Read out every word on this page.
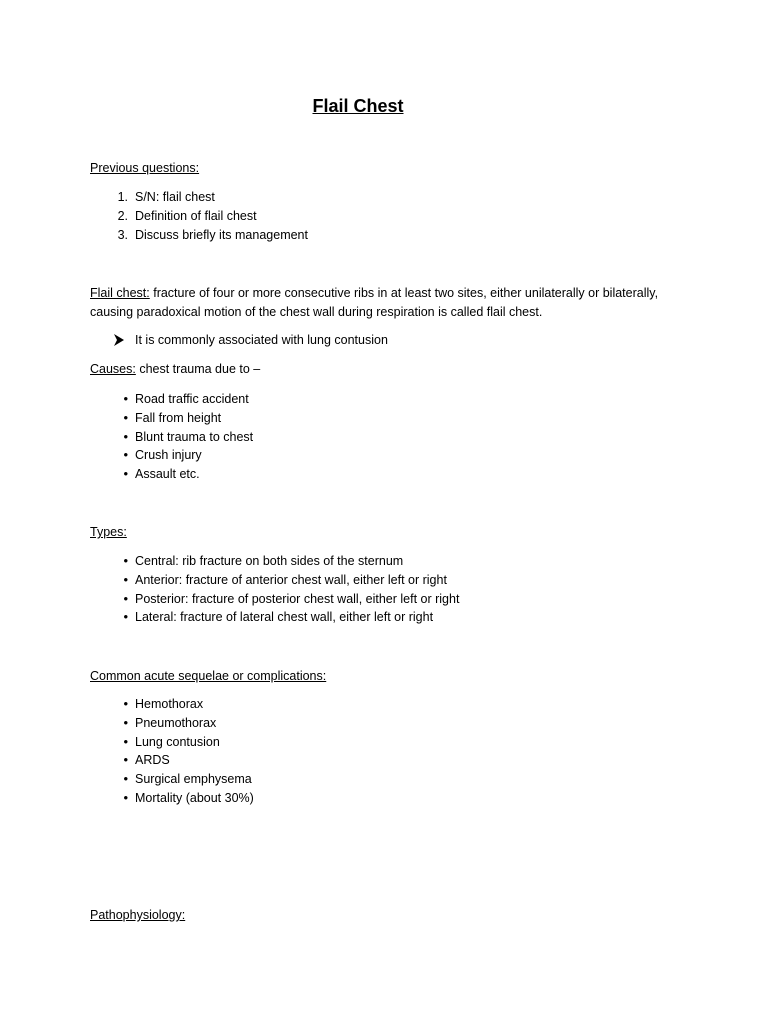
Flail Chest
Previous questions:
1. S/N: flail chest
2. Definition of flail chest
3. Discuss briefly its management
Flail chest: fracture of four or more consecutive ribs in at least two sites, either unilaterally or bilaterally,
causing paradoxical motion of the chest wall during respiration is called flail chest.
It is commonly associated with lung contusion
Causes: chest trauma due to –
• Road traffic accident
• Fall from height
• Blunt trauma to chest
• Crush injury
• Assault etc.
Types:
• Central: rib fracture on both sides of the sternum
• Anterior: fracture of anterior chest wall, either left or right
• Posterior: fracture of posterior chest wall, either left or right
• Lateral: fracture of lateral chest wall, either left or right
Common acute sequelae or complications:
• Hemothorax
• Pneumothorax
• Lung contusion
• ARDS
• Surgical emphysema
• Mortality (about 30%)
Pathophysiology:
